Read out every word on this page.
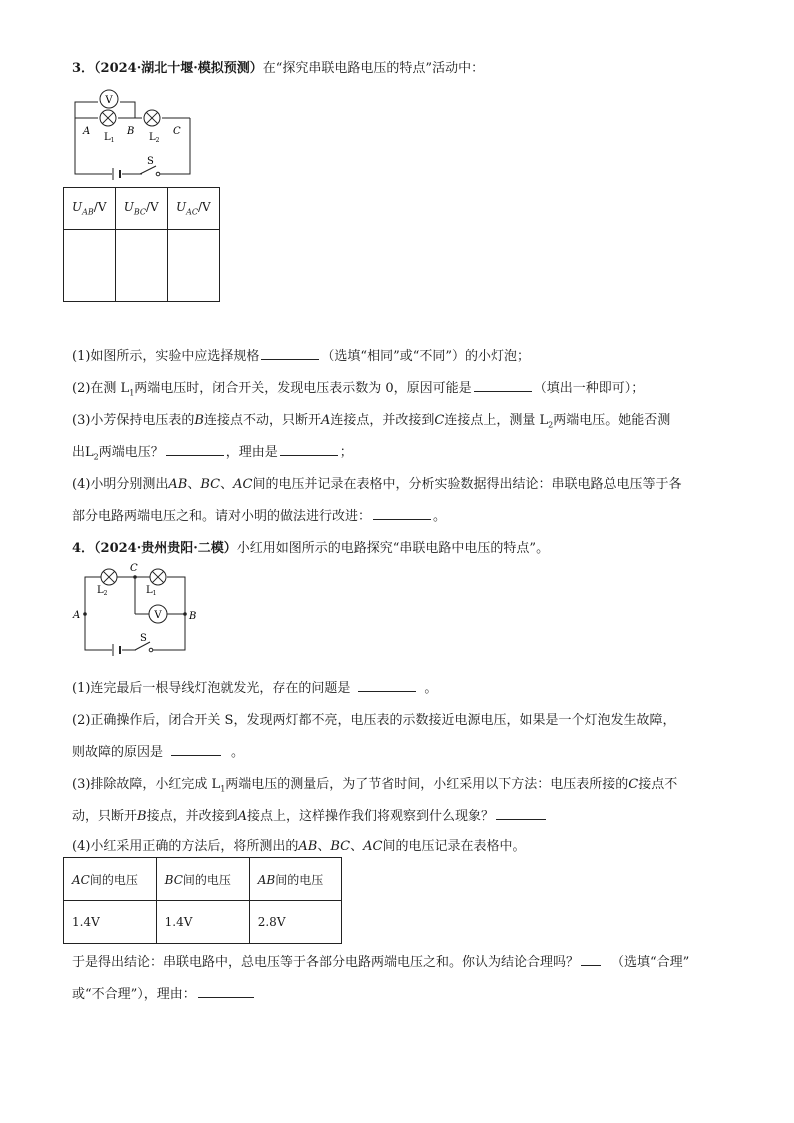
3．（2024·湖北十堰·模拟预测）在“探究串联电路电压的特点”活动中：
V
A	B	C
$L_1$	$L_2$
S
$U_{AB}/V$	$U_{BC}/V$	$U_{AC}/V$

(1)如图所示，实验中应选择规格	（选填“相同”或“不同”）的小灯泡；
(2)在测 $L_1$两端电压时，闭合开关，发现电压表示数为 0，原因可能是	（填出一种即可）；
(3)小芳保持电压表的B连接点不动，只断开A连接点，并改接到C连接点上，测量 $L_2$两端电压。她能否测
出$L_2$两端电压？	，理由是	；
(4)小明分别测出AB、BC、AC间的电压并记录在表格中，分析实验数据得出结论：串联电路总电压等于各
部分电路两端电压之和。请对小明的做法进行改进：	。
4．（2024·贵州贵阳·二模）小红用如图所示的电路探究“串联电路中电压的特点”。
V
C
B
A
$L_2$	$L_1$
S
(1)连完最后一根导线灯泡就发光，存在的问题是	。
(2)正确操作后，闭合开关 S，发现两灯都不亮，电压表的示数接近电源电压，如果是一个灯泡发生故障，
则故障的原因是	。
(3)排除故障，小红完成 $L_1$两端电压的测量后，为了节省时间，小红采用以下方法：电压表所接的C接点不
动，只断开B接点，并改接到A接点上，这样操作我们将观察到什么现象？
(4)小红采用正确的方法后，将所测出的AB、BC、AC间的电压记录在表格中。
AC间的电压	BC间的电压	AB间的电压
1.4V	1.4V	2.8V
于是得出结论：串联电路中，总电压等于各部分电路两端电压之和。你认为结论合理吗？ （选填“合理”
或“不合理”），理由：
